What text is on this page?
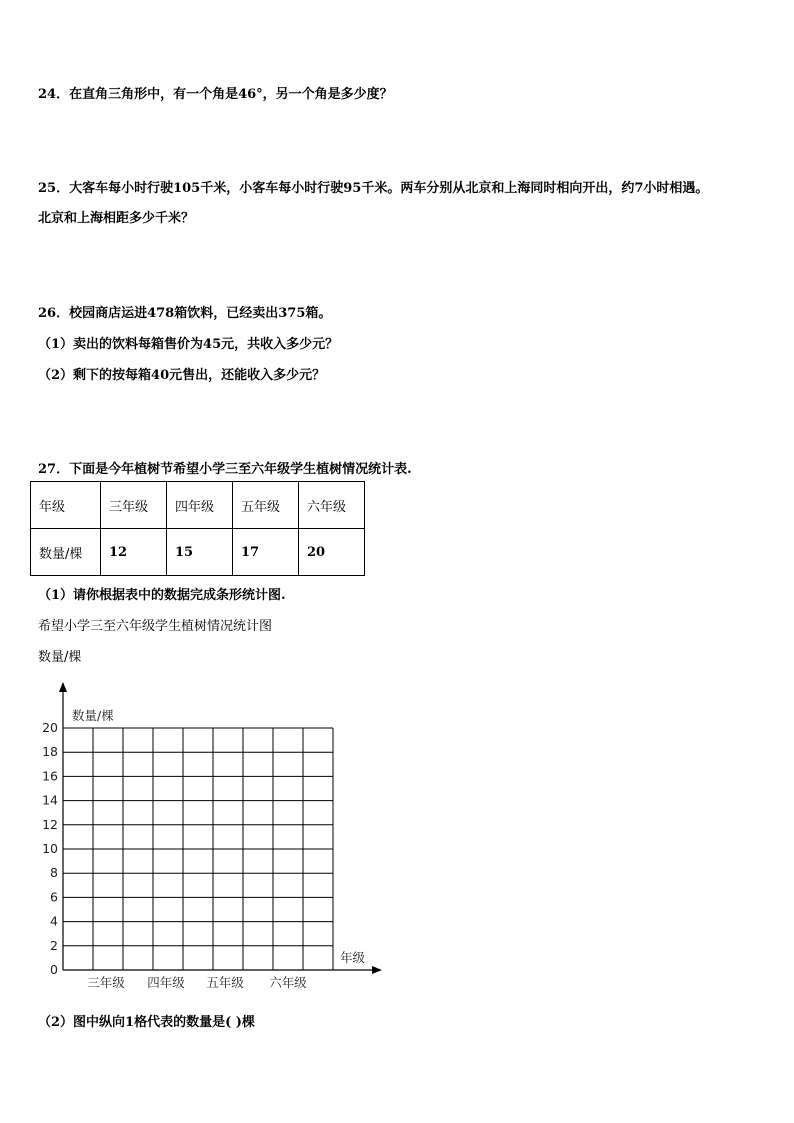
24．在直角三角形中，有一个角是46°，另一个角是多少度？
25．大客车每小时行驶105千米，小客车每小时行驶95千米。两车分别从北京和上海同时相向开出，约7小时相遇。
北京和上海相距多少千米？
26．校园商店运进478箱饮料，已经卖出375箱。
（1）卖出的饮料每箱售价为45元，共收入多少元？
（2）剩下的按每箱40元售出，还能收入多少元？
27．下面是今年植树节希望小学三至六年级学生植树情况统计表.
年级	三年级	四年级	五年级	六年级
数量/棵	12	15	17	20
（1）请你根据表中的数据完成条形统计图.
希望小学三至六年级学生植树情况统计图
数量/棵
数量/棵
年级
0
2
4
6
8
10
12
14
16
18
20
三年级 四年级 五年级 六年级
（2）图中纵向1格代表的数量是( )棵
